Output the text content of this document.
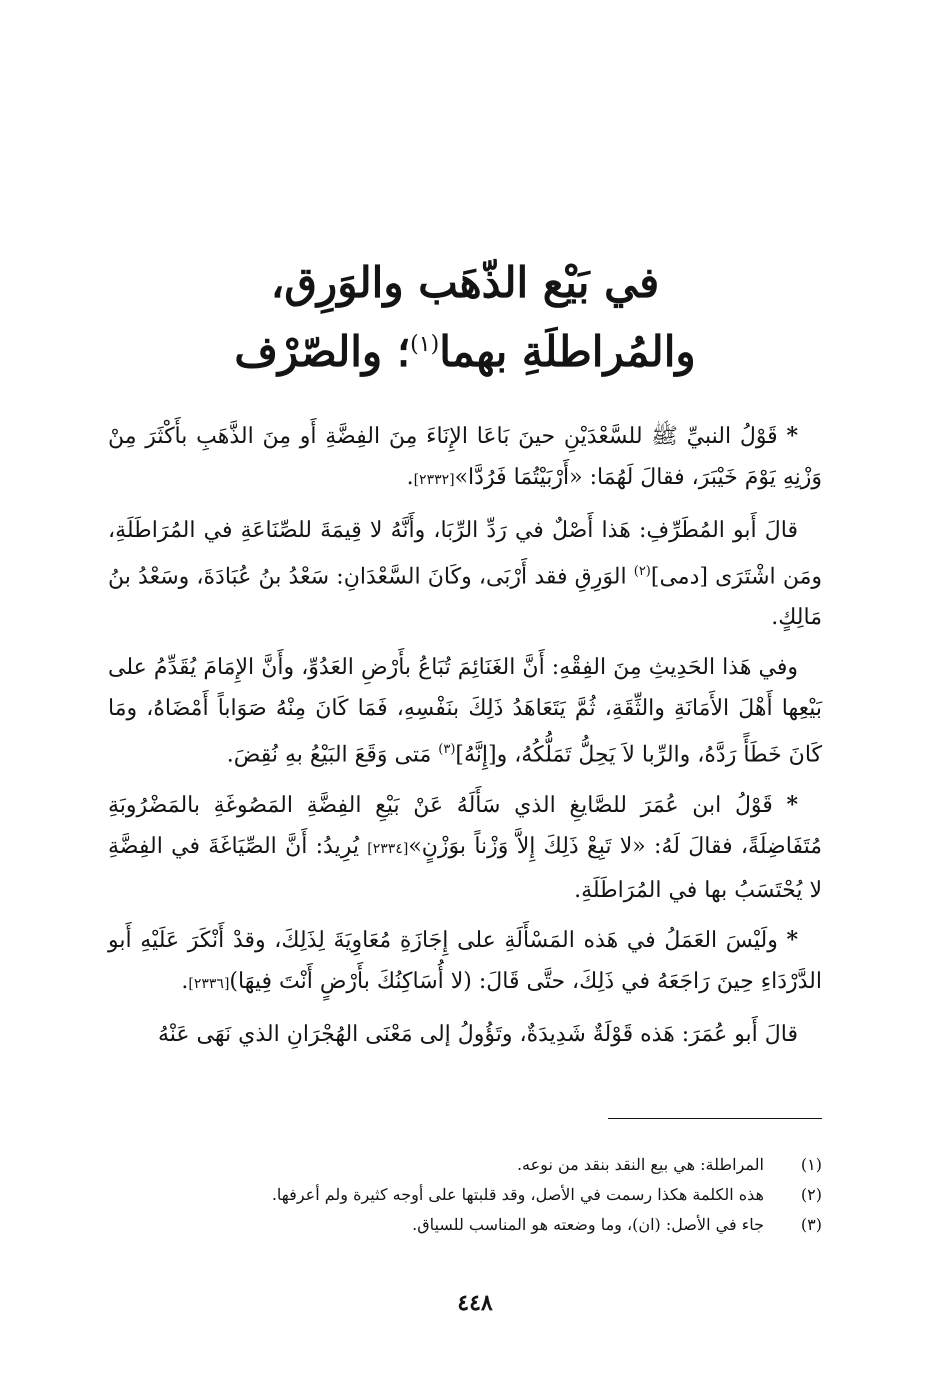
في بَيْع الذّهَب والوَرِق،
والمُراطلَةِ بهما$^{(١)}$؛ والصّرْف

* قَوْلُ النبيِّ ﷺ للسَّعْدَيْنِ حينَ بَاعَا الإِنَاءَ مِنَ الفِضَّةِ أَو مِنَ الذَّهَبِ بأَكْثَرَ مِنْ وَزْنِهِ يَوْمَ خَيْبَرَ، فقالَ لَهُمَا: «أَرْبَيْتُمَا فَرُدَّا»[٢٣٣٢].

قالَ أَبو المُطَرِّفِ: هَذا أَصْلٌ في رَدِّ الرِّبَا، وأَنَّهُ لا قِيمَةَ للصِّنَاعَةِ في المُرَاطَلَةِ، ومَن اشْتَرَى [دمى]$^{(٢)}$ الوَرِقِ فقد أَرْبَى، وكَانَ السَّعْدَانِ: سَعْدُ بنُ عُبَادَةَ، وسَعْدُ بنُ مَالِكٍ.

وفي هَذا الحَدِيثِ مِنَ الفِقْهِ: أَنَّ الغَنَائِمَ تُبَاعُ بأَرْضِ العَدُوِّ، وأَنَّ الإِمَامَ يُقَدِّمُ على بَيْعِها أَهْلَ الأَمَانَةِ والثِّقَةِ، ثُمَّ يَتَعَاهَدُ ذَلِكَ بنَفْسِهِ، فَمَا كَانَ مِنْهُ صَوَاباً أَمْضَاهُ، ومَا كَانَ خَطَأً رَدَّهُ، والرِّبا لاَ يَحِلُّ تَمَلُّكُهُ، و[إِنَّهُ]$^{(٣)}$ مَتى وَقَعَ البَيْعُ بهِ نُقِضَ.

* قَوْلُ ابن عُمَرَ للصَّايغِ الذي سَأَلَهُ عَنْ بَيْعِ الفِضَّةِ المَصُوغَةِ بالمَضْرُوبَةِ مُتَفَاضِلَةً، فقالَ لَهُ: «لا تَبِعْ ذَلِكَ إِلاَّ وَزْناً بوَزْنٍ»[٢٣٣٤] يُرِيدُ: أَنَّ الصِّيَاغَةَ في الفِضَّةِ لا يُحْتَسَبُ بها في المُرَاطَلَةِ.

* ولَيْسَ العَمَلُ في هَذه المَسْأَلَةِ على إِجَازَةِ مُعَاوِيَةَ لِذَلِكَ، وقدْ أَنْكَرَ عَلَيْهِ أَبو الدَّرْدَاءِ حِينَ رَاجَعَهُ في ذَلِكَ، حتَّى قَالَ: (لا أُسَاكِنُكَ بأَرْضٍ أَنْتَ فِيهَا)[٢٣٣٦].

قالَ أَبو عُمَرَ: هَذه قَوْلَةٌ شَدِيدَةٌ، وتَؤُولُ إلى مَعْنَى الهُجْرَانِ الذي نَهَى عَنْهُ

(١)
المراطلة: هي بيع النقد بنقد من نوعه.
(٢)
هذه الكلمة هكذا رسمت في الأصل، وقد قلبتها على أوجه كثيرة ولم أعرفها.
(٣)
جاء في الأصل: (ان)، وما وضعته هو المناسب للسياق.
٤٤٨
